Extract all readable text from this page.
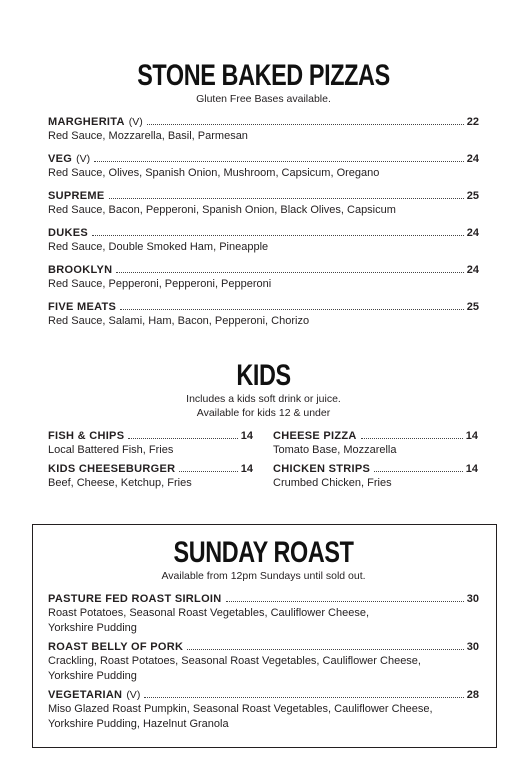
STONE BAKED PIZZAS
Gluten Free Bases available.
MARGHERITA (V)	22
Red Sauce, Mozzarella, Basil, Parmesan
VEG (V)	24
Red Sauce, Olives, Spanish Onion, Mushroom, Capsicum, Oregano
SUPREME	25
Red Sauce, Bacon, Pepperoni, Spanish Onion, Black Olives, Capsicum
DUKES	24
Red Sauce, Double Smoked Ham, Pineapple
BROOKLYN	24
Red Sauce, Pepperoni, Pepperoni, Pepperoni
FIVE MEATS	25
Red Sauce, Salami, Ham, Bacon, Pepperoni, Chorizo
KIDS
Includes a kids soft drink or juice.
Available for kids 12 & under
FISH & CHIPS	14
Local Battered Fish, Fries
CHEESE PIZZA	14
Tomato Base, Mozzarella
KIDS CHEESEBURGER	14
Beef, Cheese, Ketchup, Fries
CHICKEN STRIPS	14
Crumbed Chicken, Fries
SUNDAY ROAST
Available from 12pm Sundays until sold out.
PASTURE FED ROAST SIRLOIN	30
Roast Potatoes, Seasonal Roast Vegetables, Cauliflower Cheese,
Yorkshire Pudding
ROAST BELLY OF PORK	30
Crackling, Roast Potatoes, Seasonal Roast Vegetables, Cauliflower Cheese,
Yorkshire Pudding
VEGETARIAN (V)	28
Miso Glazed Roast Pumpkin, Seasonal Roast Vegetables, Cauliflower Cheese,
Yorkshire Pudding, Hazelnut Granola
